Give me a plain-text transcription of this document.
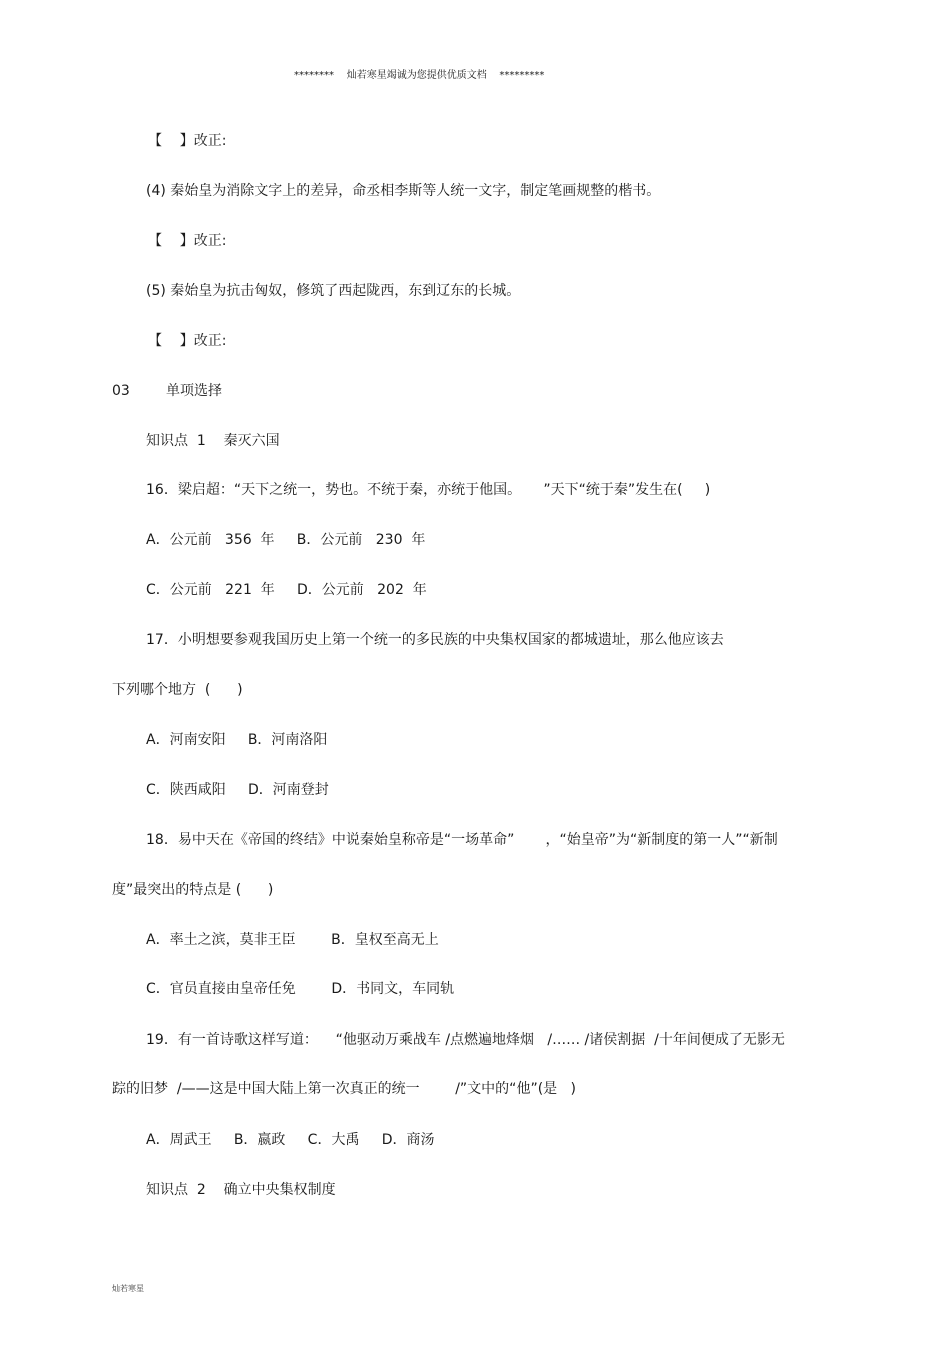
********    灿若寒星竭诚为您提供优质文档    *********
【    】改正:
(4) 秦始皇为消除文字上的差异，命丞相李斯等人统一文字，制定笔画规整的楷书。
【    】改正:
(5) 秦始皇为抗击匈奴，修筑了西起陇西，东到辽东的长城。
【    】改正:
03	单项选择
知识点  1    秦灭六国
16．梁启超：“天下之统一，势也。不统于秦，亦统于他国。     ”天下“统于秦”发生在(     )
A．公元前   356  年     B．公元前   230  年
C．公元前   221  年     D．公元前   202  年
17．小明想要参观我国历史上第一个统一的多民族的中央集权国家的都城遗址，那么他应该去
下列哪个地方  (      )
A．河南安阳     B．河南洛阳
C．陕西咸阳     D．河南登封
18．易中天在《帝国的终结》中说秦始皇称帝是“一场革命”       ，“始皇帝”为“新制度的第一人”“新制
度”最突出的特点是 (      )
A．率土之滨，莫非王臣        B．皇权至高无上
C．官员直接由皇帝任免        D．书同文，车同轨
19．有一首诗歌这样写道：    “他驱动万乘战车 /点燃遍地烽烟   /…… /诸侯割据  /十年间便成了无影无
踪的旧梦  /——这是中国大陆上第一次真正的统一        /”文中的“他”(是   )
A．周武王     B．嬴政     C．大禹     D．商汤
知识点  2    确立中央集权制度
灿若寒星
